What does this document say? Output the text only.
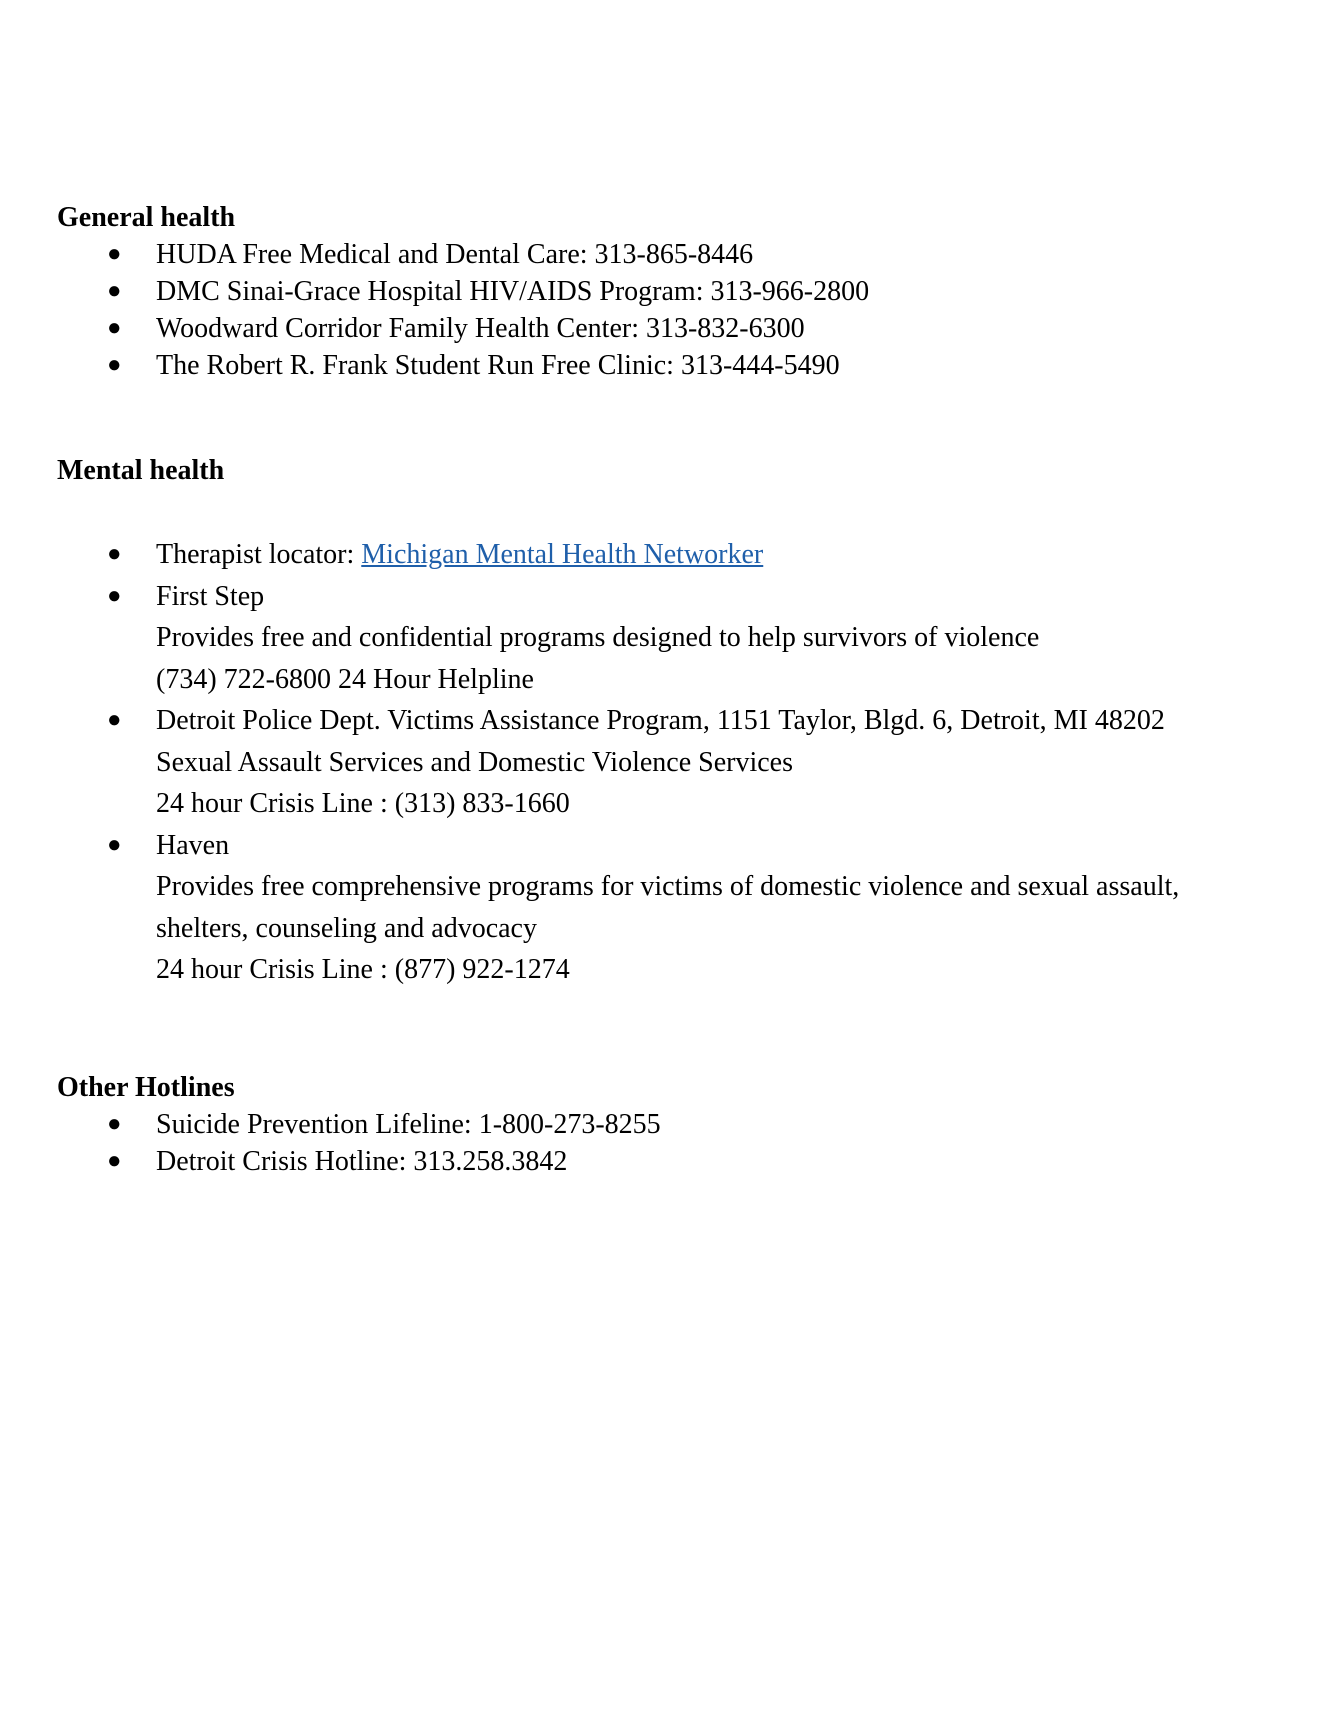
General health
● HUDA Free Medical and Dental Care: 313-865-8446
● DMC Sinai-Grace Hospital HIV/AIDS Program: 313-966-2800
● Woodward Corridor Family Health Center: 313-832-6300
● The Robert R. Frank Student Run Free Clinic: 313-444-5490
Mental health
● Therapist locator: Michigan Mental Health Networker
● First Step
Provides free and confidential programs designed to help survivors of violence
(734) 722-6800 24 Hour Helpline
● Detroit Police Dept. Victims Assistance Program, 1151 Taylor, Blgd. 6, Detroit, MI 48202
Sexual Assault Services and Domestic Violence Services
24 hour Crisis Line : (313) 833-1660
● Haven
Provides free comprehensive programs for victims of domestic violence and sexual assault,
shelters, counseling and advocacy
24 hour Crisis Line : (877) 922-1274
Other Hotlines
● Suicide Prevention Lifeline: 1-800-273-8255
● Detroit Crisis Hotline: 313.258.3842
